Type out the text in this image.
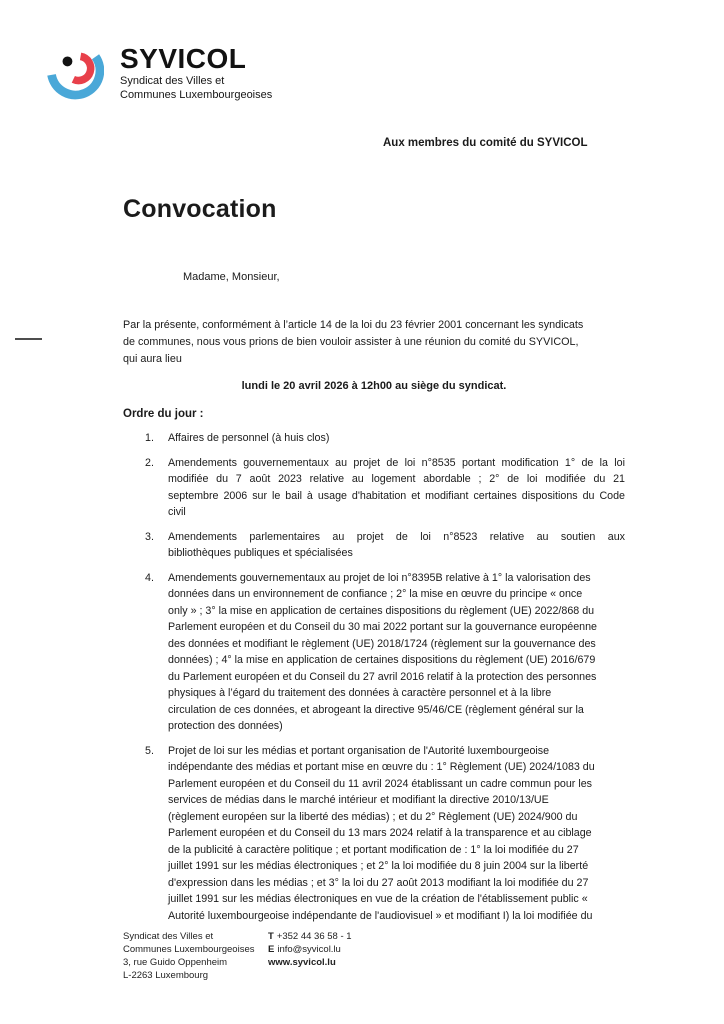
SYVICOL
Syndicat des Villes et
Communes Luxembourgeoises
Aux membres du comité du SYVICOL
Convocation
Madame, Monsieur,
Par la présente, conformément à l’article 14 de la loi du 23 février 2001 concernant les syndicats
de communes, nous vous prions de bien vouloir assister à une réunion du comité du SYVICOL,
qui aura lieu
lundi le 20 avril 2026 à 12h00 au siège du syndicat.
Ordre du jour :
1.	Affaires de personnel (à huis clos)
2.	Amendements gouvernementaux au projet de loi n°8535 portant modification 1° de la loi
modifiée du 7 août 2023 relative au logement abordable ; 2° de loi modifiée du 21
septembre 2006 sur le bail à usage d'habitation et modifiant certaines dispositions du Code
civil
3.	Amendements parlementaires au projet de loi n°8523 relative au soutien aux
bibliothèques publiques et spécialisées
4.	Amendements gouvernementaux au projet de loi n°8395B relative à 1° la valorisation des
données dans un environnement de confiance ; 2° la mise en œuvre du principe « once
only » ; 3° la mise en application de certaines dispositions du règlement (UE) 2022/868 du
Parlement européen et du Conseil du 30 mai 2022 portant sur la gouvernance européenne
des données et modifiant le règlement (UE) 2018/1724 (règlement sur la gouvernance des
données) ; 4° la mise en application de certaines dispositions du règlement (UE) 2016/679
du Parlement européen et du Conseil du 27 avril 2016 relatif à la protection des personnes
physiques à l’égard du traitement des données à caractère personnel et à la libre
circulation de ces données, et abrogeant la directive 95/46/CE (règlement général sur la
protection des données)
5.	Projet de loi sur les médias et portant organisation de l'Autorité luxembourgeoise
indépendante des médias et portant mise en œuvre du : 1° Règlement (UE) 2024/1083 du
Parlement européen et du Conseil du 11 avril 2024 établissant un cadre commun pour les
services de médias dans le marché intérieur et modifiant la directive 2010/13/UE
(règlement européen sur la liberté des médias) ; et du 2° Règlement (UE) 2024/900 du
Parlement européen et du Conseil du 13 mars 2024 relatif à la transparence et au ciblage
de la publicité à caractère politique ; et portant modification de : 1° la loi modifiée du 27
juillet 1991 sur les médias électroniques ; et 2° la loi modifiée du 8 juin 2004 sur la liberté
d'expression dans les médias ; et 3° la loi du 27 août 2013 modifiant la loi modifiée du 27
juillet 1991 sur les médias électroniques en vue de la création de l'établissement public «
Autorité luxembourgeoise indépendante de l'audiovisuel » et modifiant I) la loi modifiée du
Syndicat des Villes et
Communes Luxembourgeoises
3, rue Guido Oppenheim
L-2263 Luxembourg
T +352 44 36 58 - 1
E info@syvicol.lu
www.syvicol.lu
